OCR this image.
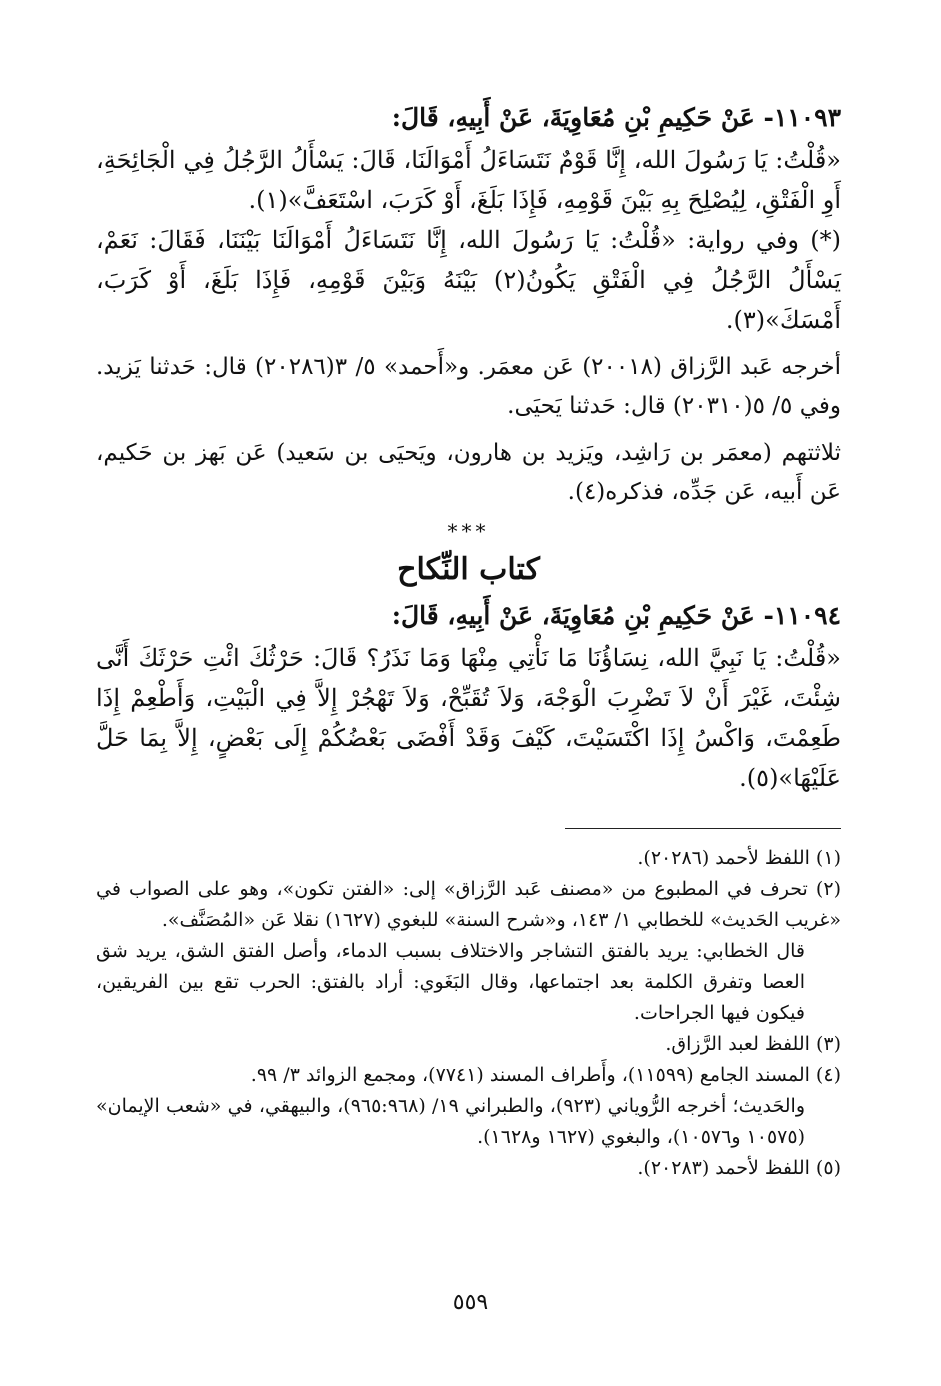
١١٠٩٣- عَنْ حَكِيمِ بْنِ مُعَاوِيَةَ، عَنْ أَبِيهِ، قَالَ:

«قُلْتُ: يَا رَسُولَ الله، إِنَّا قَوْمٌ نَتَسَاءَلُ أَمْوَالَنَا، قَالَ: يَسْأَلُ الرَّجُلُ فِي الْجَائِحَةِ، أَوِ الْفَتْقِ، لِيُصْلِحَ بِهِ بَيْنَ قَوْمِهِ، فَإِذَا بَلَغَ، أَوْ كَرَبَ، اسْتَعَفَّ»(١).

(*) وفي رواية: «قُلْتُ: يَا رَسُولَ الله، إِنَّا نَتَسَاءَلُ أَمْوَالَنَا بَيْنَنَا، فَقَالَ: نَعَمْ، يَسْأَلُ الرَّجُلُ فِي الْفَتْقِ يَكُونُ(٢) بَيْنَهُ وَبَيْنَ قَوْمِهِ، فَإِذَا بَلَغَ، أَوْ كَرَبَ، أَمْسَكَ»(٣).

أخرجه عَبد الرَّزاق (٢٠٠١٨) عَن معمَر. و«أَحمد» ٥/ ٣(٢٠٢٨٦) قال: حَدثنا يَزيد. وفي ٥/ ٥(٢٠٣١٠) قال: حَدثنا يَحيَى.

ثلاثتهم (معمَر بن رَاشِد، ويَزيد بن هارون، ويَحيَى بن سَعيد) عَن بَهز بن حَكيم، عَن أَبيه، عَن جَدِّه، فذكره(٤).

***
كتاب النِّكاح

١١٠٩٤- عَنْ حَكِيمِ بْنِ مُعَاوِيَةَ، عَنْ أَبِيهِ، قَالَ:

«قُلْتُ: يَا نَبِيَّ الله، نِسَاؤُنَا مَا نَأْتِي مِنْهَا وَمَا نَذَرُ؟ قَالَ: حَرْثُكَ ائْتِ حَرْثَكَ أَنَّى شِئْتَ، غَيْرَ أَنْ لاَ تَضْرِبَ الْوَجْهَ، وَلاَ تُقَبِّحْ، وَلاَ تَهْجُرْ إِلاَّ فِي الْبَيْتِ، وَأَطْعِمْ إِذَا طَعِمْتَ، وَاكْسُ إِذَا اكْتَسَيْتَ، كَيْفَ وَقَدْ أَفْضَى بَعْضُكُمْ إِلَى بَعْضٍ، إِلاَّ بِمَا حَلَّ عَلَيْهَا»(٥).

(١) اللفظ لأحمد (٢٠٢٨٦).

(٢) تحرف في المطبوع من «مصنف عَبد الرَّزاق» إلى: «الفتن تكون»، وهو على الصواب في «غريب الحَديث» للخطابي ١/ ١٤٣، و«شرح السنة» للبغوي (١٦٢٧) نقلا عَن «المُصَنَّف».

قال الخطابي: يريد بالفتق التشاجر والاختلاف بسبب الدماء، وأصل الفتق الشق، يريد شق العصا وتفرق الكلمة بعد اجتماعها، وقال البَغَوي: أراد بالفتق: الحرب تقع بين الفريقين، فيكون فيها الجراحات.

(٣) اللفظ لعبد الرَّزاق.

(٤) المسند الجامع (١١٥٩٩)، وأَطراف المسند (٧٧٤١)، ومجمع الزوائد ٣/ ٩٩.

والحَديث؛ أخرجه الرُّوياني (٩٢٣)، والطبراني ١٩/ (٩٦٥:٩٦٨)، والبيهقي، في «شعب الإيمان» (١٠٥٧٥ و١٠٥٧٦)، والبغوي (١٦٢٧ و١٦٢٨).

(٥) اللفظ لأحمد (٢٠٢٨٣).

٥٥٩
